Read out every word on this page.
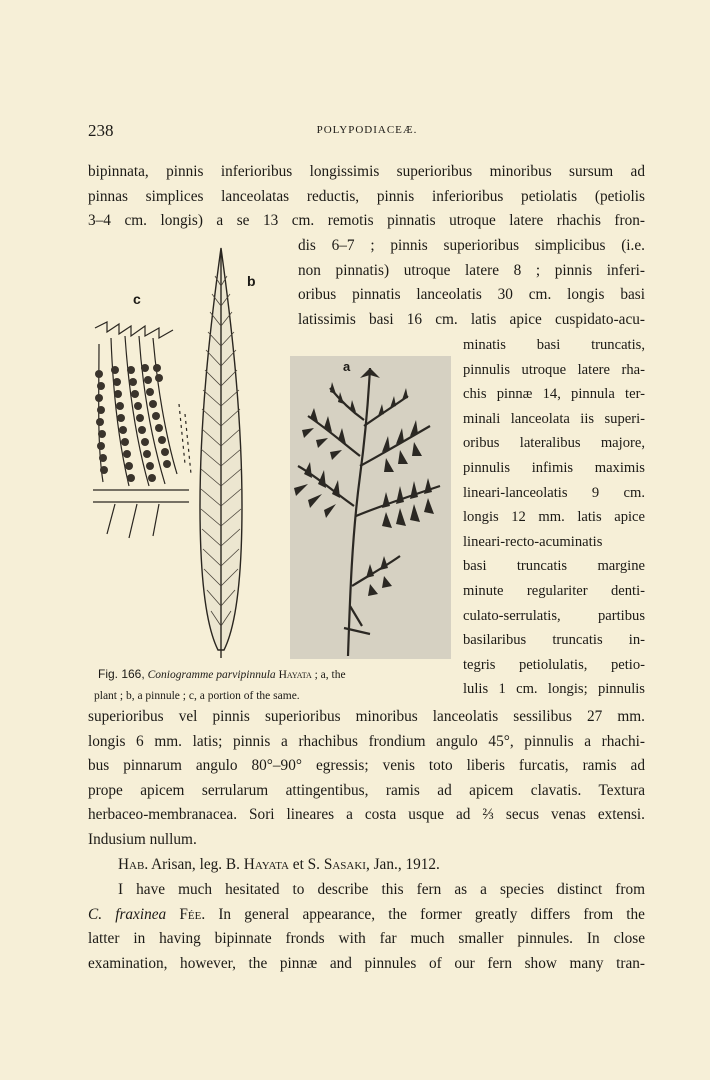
238	POLYPODIACEÆ.
bipinnata, pinnis inferioribus longissimis superioribus minoribus sursum ad
pinnas simplices lanceolatas reductis, pinnis inferioribus petiolatis (petiolis
3–4 cm. longis) a se 13 cm. remotis pinnatis utroque latere rhachis fron-
dis 6–7 ; pinnis superioribus simplicibus (i.e.
non pinnatis) utroque latere 8 ; pinnis inferi-
oribus pinnatis lanceolatis 30 cm. longis basi
latissimis basi 16 cm. latis apice cuspidato-acu-
minatis basi truncatis,
pinnulis utroque latere rha-
chis pinnæ 14, pinnula ter-
minali lanceolata iis superi-
oribus lateralibus majore,
pinnulis infimis maximis
lineari-lanceolatis 9 cm.
longis 12 mm. latis apice
lineari-recto-acuminatis
basi truncatis margine
minute regulariter denti-
culato-serrulatis, partibus
basilaribus truncatis in-
tegris petiolulatis, petio-
lulis 1 cm. longis; pinnulis
c
b
a
Fig. 166, Coniogramme parvipinnula Hayata ; a, the
plant ; b, a pinnule ; c, a portion of the same.
superioribus vel pinnis superioribus minoribus lanceolatis sessilibus 27 mm.
longis 6 mm. latis; pinnis a rhachibus frondium angulo 45°, pinnulis a rhachi-
bus pinnarum angulo 80°–90° egressis; venis toto liberis furcatis, ramis ad
prope apicem serrularum attingentibus, ramis ad apicem clavatis. Textura
herbaceo-membranacea. Sori lineares a costa usque ad ⅔ secus venas extensi.
Indusium nullum.
Hab. Arisan, leg. B. Hayata et S. Sasaki, Jan., 1912.
I have much hesitated to describe this fern as a species distinct from
C. fraxinea Fée. In general appearance, the former greatly differs from the
latter in having bipinnate fronds with far much smaller pinnules. In close
examination, however, the pinnæ and pinnules of our fern show many tran-
